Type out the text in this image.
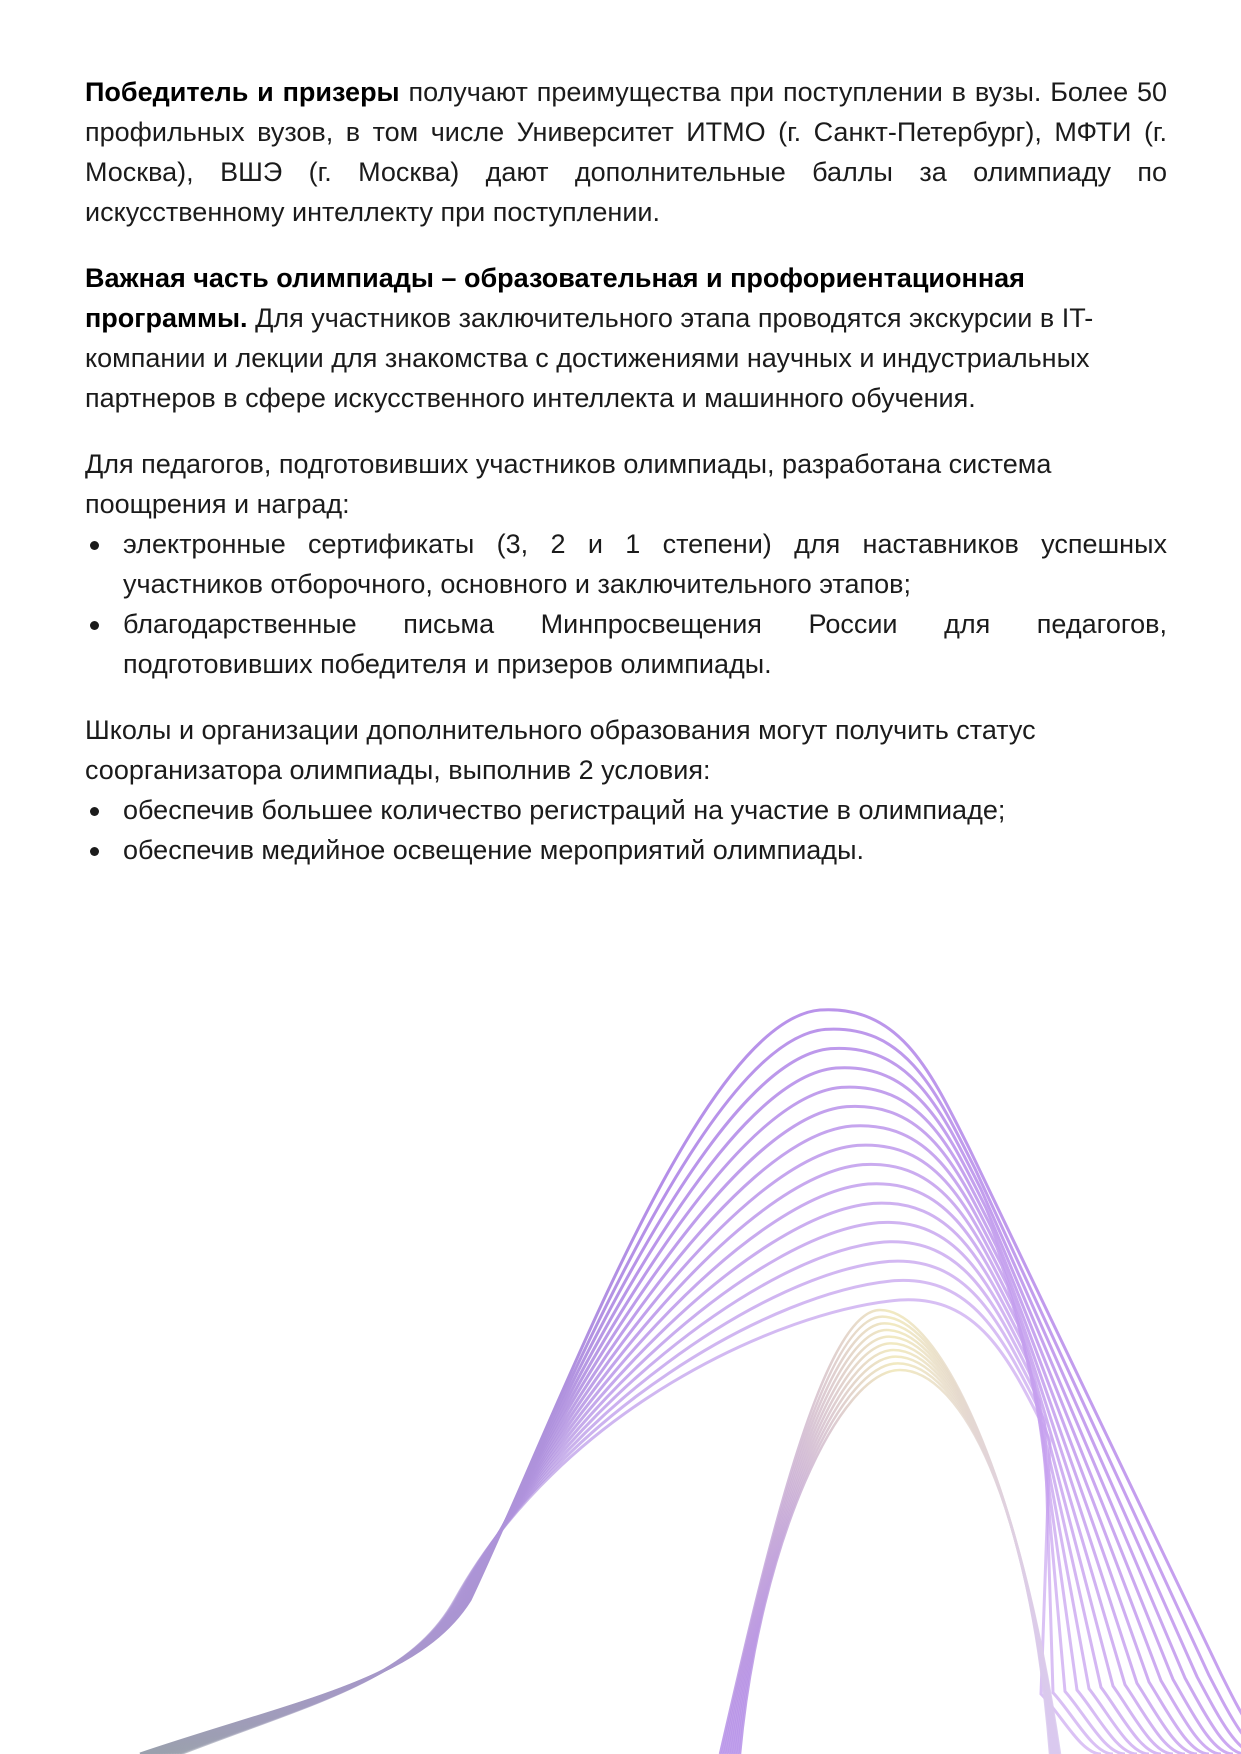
Победитель и призеры получают преимущества при поступлении в вузы. Более 50 профильных вузов, в том числе Университет ИТМО (г. Санкт-Петербург), МФТИ (г. Москва), ВШЭ (г. Москва) дают дополнительные баллы за олимпиаду по искусственному интеллекту при поступлении.

Важная часть олимпиады – образовательная и профориентационная программы. Для участников заключительного этапа проводятся экскурсии в IT-компании и лекции для знакомства с достижениями научных и индустриальных партнеров в сфере искусственного интеллекта и машинного обучения.

Для педагогов, подготовивших участников олимпиады, разработана система поощрения и наград:

электронные сертификаты (3, 2 и 1 степени) для наставников успешных участников отборочного, основного и заключительного этапов;
благодарственные письма Минпросвещения России для педагогов, подготовивших победителя и призеров олимпиады.

Школы и организации дополнительного образования могут получить статус соорганизатора олимпиады, выполнив 2 условия:

обеспечив большее количество регистраций на участие в олимпиаде;
обеспечив медийное освещение мероприятий олимпиады.
